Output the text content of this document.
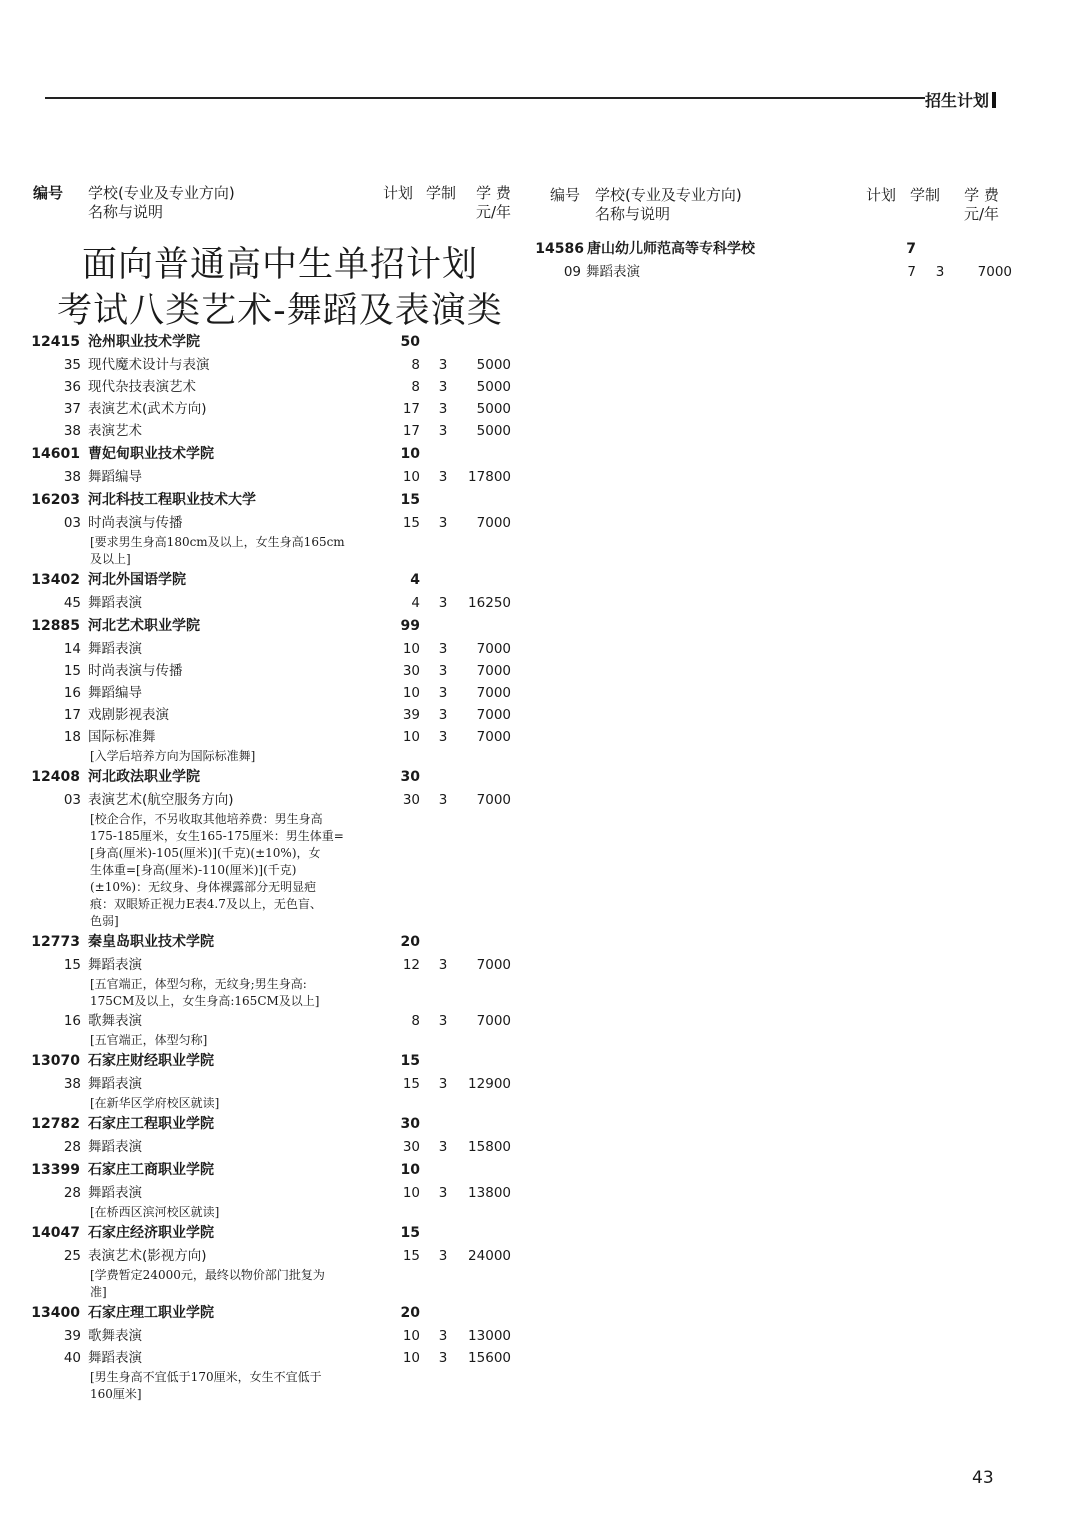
招生计划
编号 学校(专业及专业方向)
名称与说明
计划 学制 学 费
元/年
编号 学校(专业及专业方向)
名称与说明
计划 学制 学 费
元/年
面向普通高中生单招计划
考试八类艺术-舞蹈及表演类
12415 沧州职业技术学院	50
35 现代魔术设计与表演	8 3	5000
36 现代杂技表演艺术	8 3	5000
37 表演艺术(武术方向)	17 3	5000
38 表演艺术	17 3	5000
14601 曹妃甸职业技术学院	10
38 舞蹈编导	10 3	17800
16203 河北科技工程职业技术大学	15
03 时尚表演与传播	15 3	7000
[要求男生身高180cm及以上，女生身高165cm
及以上]
13402 河北外国语学院	4
45 舞蹈表演	4 3	16250
12885 河北艺术职业学院	99
14 舞蹈表演	10 3	7000
15 时尚表演与传播	30 3	7000
16 舞蹈编导	10 3	7000
17 戏剧影视表演	39 3	7000
18 国际标准舞	10 3	7000
[入学后培养方向为国际标准舞]
12408 河北政法职业学院	30
03 表演艺术(航空服务方向)	30 3	7000
[校企合作，不另收取其他培养费：男生身高
175-185厘米，女生165-175厘米：男生体重=
[身高(厘米)-105(厘米)](千克)(±10%)，女
生体重=[身高(厘米)-110(厘米)](千克)
(±10%)：无纹身、身体裸露部分无明显疤
痕：双眼矫正视力E表4.7及以上，无色盲、
色弱]
12773 秦皇岛职业技术学院	20
15 舞蹈表演	12 3	7000
[五官端正，体型匀称，无纹身;男生身高:
175CM及以上，女生身高:165CM及以上]
16 歌舞表演	8 3	7000
[五官端正，体型匀称]
13070 石家庄财经职业学院	15
38 舞蹈表演	15 3	12900
[在新华区学府校区就读]
12782 石家庄工程职业学院	30
28 舞蹈表演	30 3	15800
13399 石家庄工商职业学院	10
28 舞蹈表演	10 3	13800
[在桥西区滨河校区就读]
14047 石家庄经济职业学院	15
25 表演艺术(影视方向)	15 3	24000
[学费暂定24000元，最终以物价部门批复为
准]
13400 石家庄理工职业学院	20
39 歌舞表演	10 3	13000
40 舞蹈表演	10 3	15600
[男生身高不宜低于170厘米，女生不宜低于
160厘米]
14586 唐山幼儿师范高等专科学校	7
09 舞蹈表演	7 3	7000
43
